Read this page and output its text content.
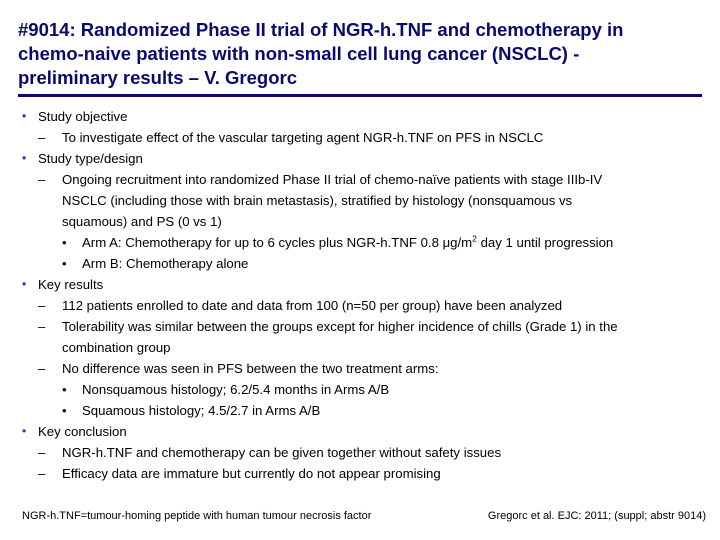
#9014: Randomized Phase II trial of NGR-h.TNF and chemotherapy in
chemo-naive patients with non-small cell lung cancer (NSCLC) -
preliminary results – V. Gregorc
• Study objective
– To investigate effect of the vascular targeting agent NGR-h.TNF on PFS in NSCLC
• Study type/design
– Ongoing recruitment into randomized Phase II trial of chemo-naïve patients with stage IIIb-IV
NSCLC (including those with brain metastasis), stratified by histology (nonsquamous vs
squamous) and PS (0 vs 1)
• Arm A: Chemotherapy for up to 6 cycles plus NGR-h.TNF 0.8 $\mu g/m^2$ day 1 until progression
• Arm B: Chemotherapy alone
• Key results
– 112 patients enrolled to date and data from 100 (n=50 per group) have been analyzed
– Tolerability was similar between the groups except for higher incidence of chills (Grade 1) in the
combination group
– No difference was seen in PFS between the two treatment arms:
• Nonsquamous histology; 6.2/5.4 months in Arms A/B
• Squamous histology; 4.5/2.7 in Arms A/B
• Key conclusion
– NGR-h.TNF and chemotherapy can be given together without safety issues
– Efficacy data are immature but currently do not appear promising
NGR-h.TNF=tumour-homing peptide with human tumour necrosis factor	Gregorc et al. EJC: 2011; (suppl; abstr 9014)
